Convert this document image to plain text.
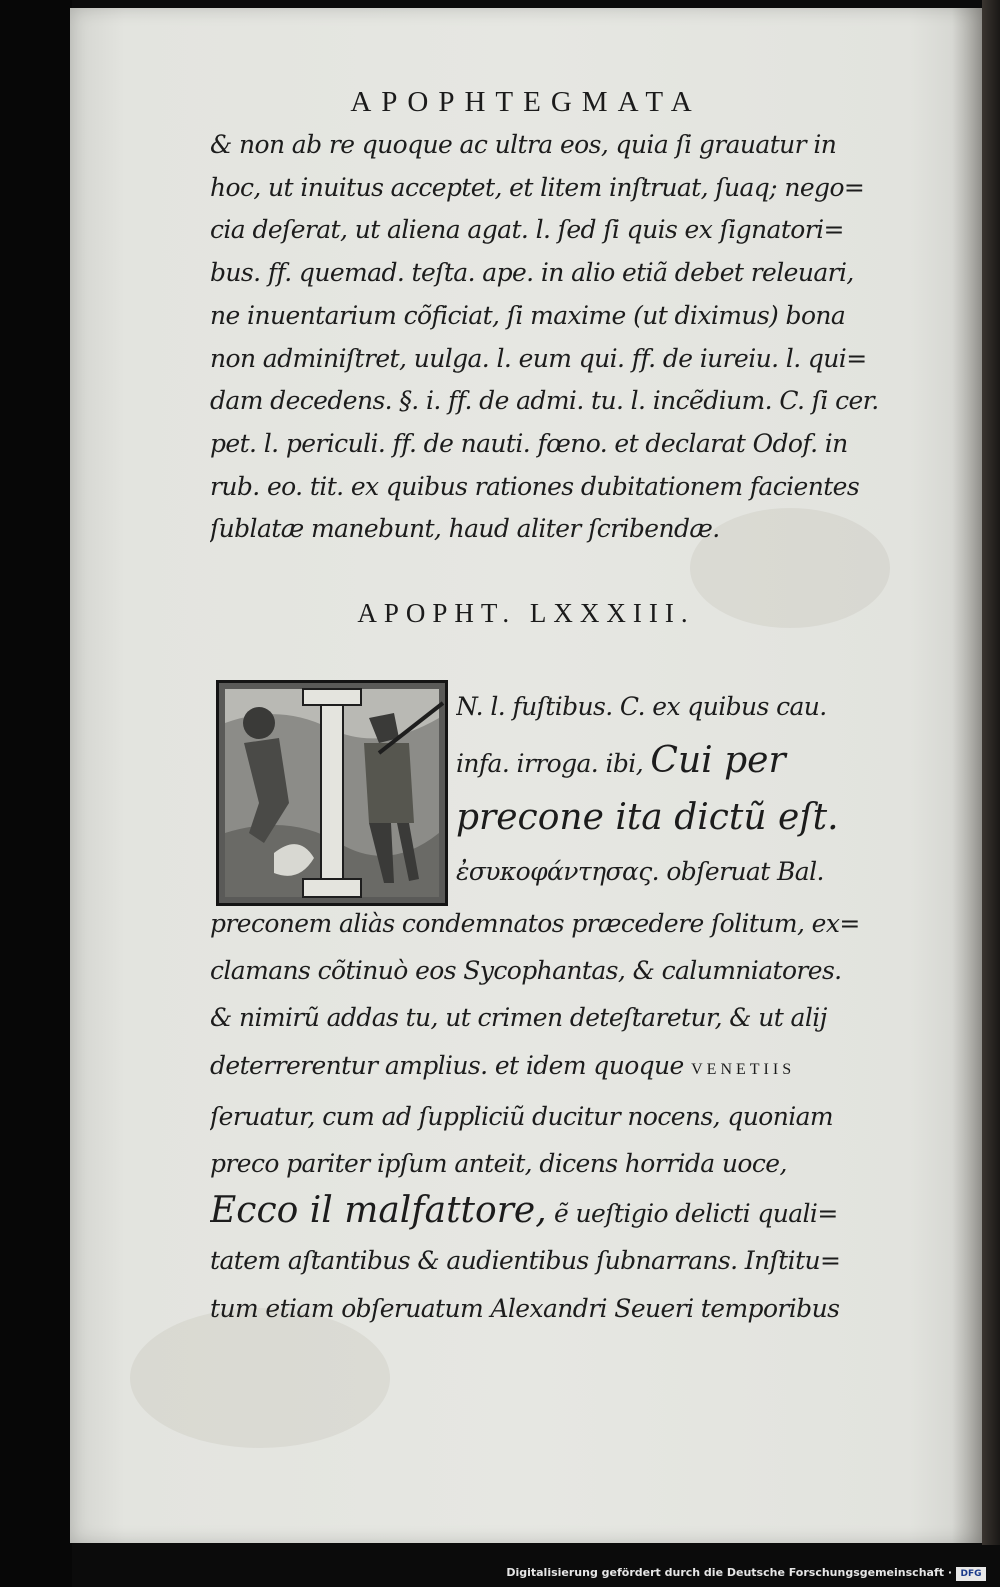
APOPHTEGMATA
APOPHT. LXXXIII.
& non ab re quoque ac ultra eos, quia ſi grauatur in
hoc, ut inuitus acceptet, et litem inſtruat, ſuaq; nego=
cia deſerat, ut aliena agat. l. ſed ſi quis ex ſignatori=
bus. ff. quemad. teſta. ape. in alio etiã debet releuari,
ne inuentarium cõficiat, ſi maxime (ut diximus) bona
non adminiſtret, uulga. l. eum qui. ff. de iureiu. l. qui=
dam decedens. §. i. ff. de admi. tu. l. incẽdium. C. ſi cer.
pet. l. periculi. ff. de nauti. fœno. et declarat Odof. in
rub. eo. tit. ex quibus rationes dubitationem facientes
ſublatæ manebunt, haud aliter ſcribendæ.
N. l. fuſtibus. C. ex quibus cau.
infa. irroga. ibi, Cui per
precone ita dictũ eſt.
ἐσυκοφάντησας. obſeruat Bal.
preconem aliàs condemnatos præcedere ſolitum, ex=
clamans cõtinuò eos Sycophantas, & calumniatores.
& nimirũ addas tu, ut crimen deteſtaretur, & ut alij
deterrerentur amplius. et idem quoque VENETIIS
ſeruatur, cum ad ſuppliciũ ducitur nocens, quoniam
preco pariter ipſum anteit, dicens horrida uoce,
Ecco il malfattore, ẽ ueſtigio delicti quali=
tatem aſtantibus & audientibus ſubnarrans. Inſtitu=
tum etiam obſeruatum Alexandri Seueri temporibus
Digitalisierung gefördert durch die Deutsche Forschungsgemeinschaft · DFG
